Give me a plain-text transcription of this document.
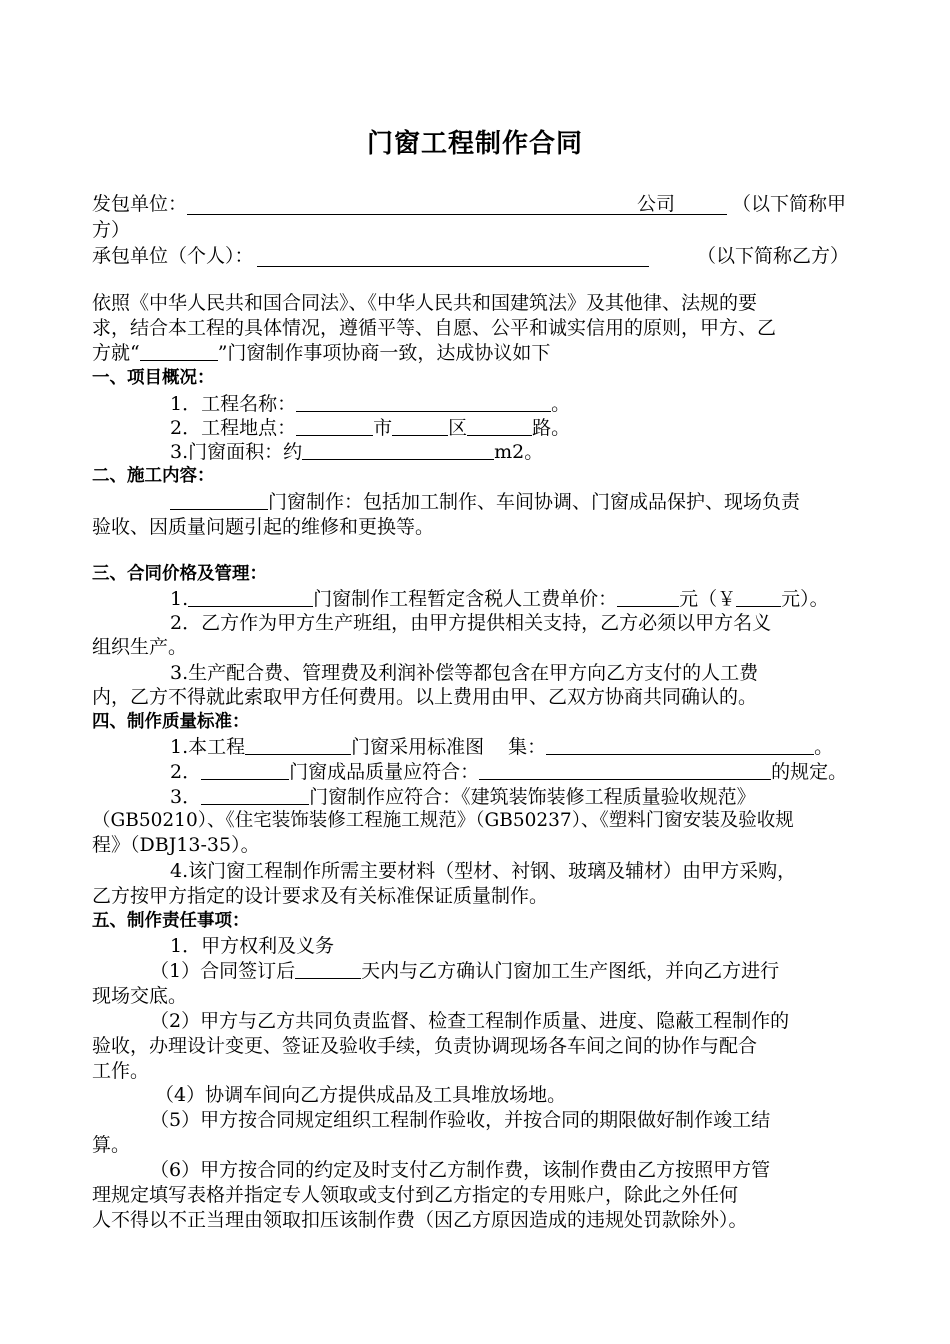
门窗工程制作合同
发包单位：	公司	（以下简称甲
方）
承包单位（个人）：	（以下简称乙方）
依照《中华人民共和国合同法》、《中华人民共和国建筑法》及其他律、法规的要
求，结合本工程的具体情况，遵循平等、自愿、公平和诚实信用的原则，甲方、乙
方就“	”门窗制作事项协商一致，达成协议如下
一、项目概况：
1．工程名称：	。
2．工程地点：	市	区	路。
3.门窗面积：约	m2。
二、施工内容：
门窗制作：包括加工制作、车间协调、门窗成品保护、现场负责
验收、因质量问题引起的维修和更换等。
三、合同价格及管理：
1.	门窗制作工程暂定含税人工费单价：	元（￥ 元）。
2．乙方作为甲方生产班组，由甲方提供相关支持，乙方必须以甲方名义
组织生产。
3.生产配合费、管理费及利润补偿等都包含在甲方向乙方支付的人工费
内，乙方不得就此索取甲方任何费用。以上费用由甲、乙双方协商共同确认的。
四、制作质量标准：
1.本工程	门窗采用标准图 集：	。
2．	门窗成品质量应符合：	的规定。
3．	门窗制作应符合：《建筑装饰装修工程质量验收规范》
（GB50210）、《住宅装饰装修工程施工规范》（GB50237）、《塑料门窗安装及验收规
程》（DBJ13-35）。
4.该门窗工程制作所需主要材料（型材、衬钢、玻璃及辅材）由甲方采购，
乙方按甲方指定的设计要求及有关标准保证质量制作。
五、制作责任事项：
1．甲方权利及义务
（1）合同签订后	天内与乙方确认门窗加工生产图纸，并向乙方进行
现场交底。
（2）甲方与乙方共同负责监督、检查工程制作质量、进度、隐蔽工程制作的
验收，办理设计变更、签证及验收手续，负责协调现场各车间之间的协作与配合
工作。
（4）协调车间向乙方提供成品及工具堆放场地。
（5）甲方按合同规定组织工程制作验收，并按合同的期限做好制作竣工结
算。
（6）甲方按合同的约定及时支付乙方制作费，该制作费由乙方按照甲方管
理规定填写表格并指定专人领取或支付到乙方指定的专用账户，除此之外任何
人不得以不正当理由领取扣压该制作费（因乙方原因造成的违规处罚款除外）。
